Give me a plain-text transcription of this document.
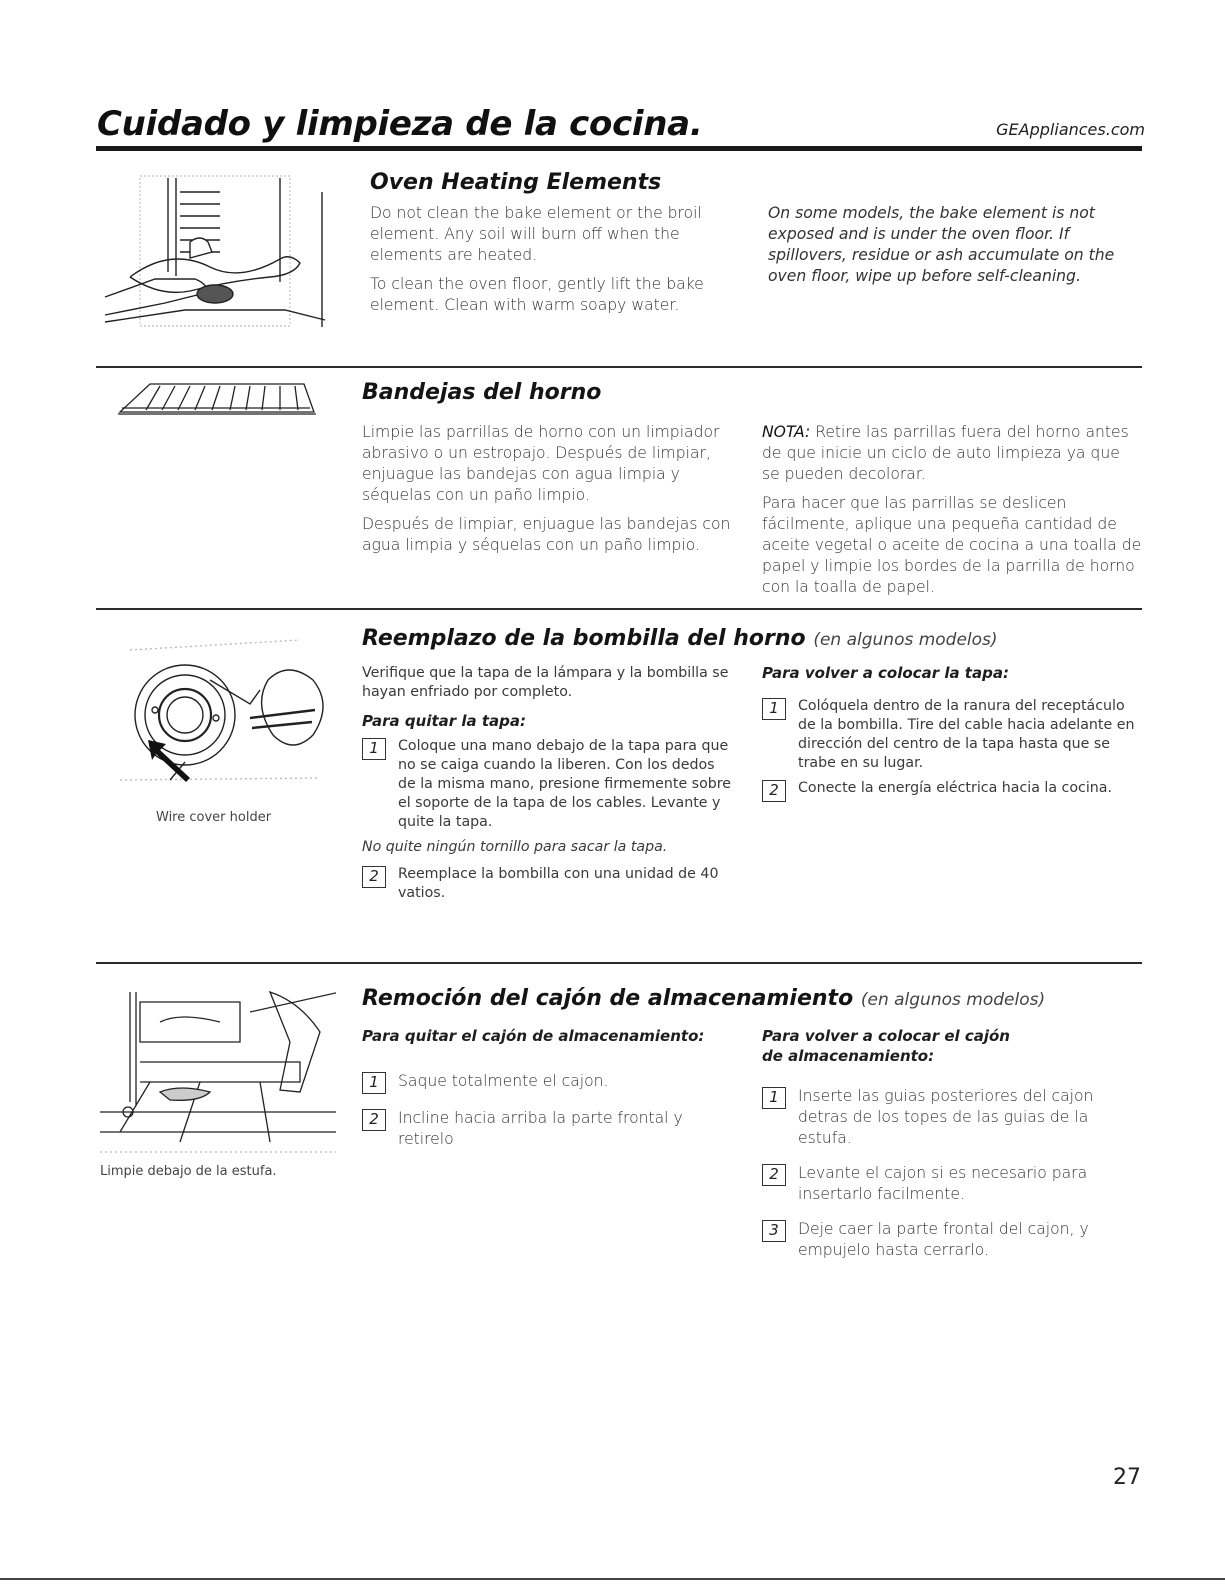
Cuidado y limpieza de la cocina.	GEAppliances.com
Oven Heating Elements

Do not clean the bake element or the broil element. Any soil will burn off when the elements are heated.

To clean the oven floor, gently lift the bake element. Clean with warm soapy water.

On some models, the bake element is not exposed and is under the oven floor. If spillovers, residue or ash accumulate on the oven floor, wipe up before self-cleaning.

Bandejas del horno

Limpie las parrillas de horno con un limpiador abrasivo o un estropajo. Después de limpiar, enjuague las bandejas con agua limpia y séquelas con un paño limpio.

Después de limpiar, enjuague las bandejas con agua limpia y séquelas con un paño limpio.

NOTA: Retire las parrillas fuera del horno antes de que inicie un ciclo de auto limpieza ya que se pueden decolorar.

Para hacer que las parrillas se deslicen fácilmente, aplique una pequeña cantidad de aceite vegetal o aceite de cocina a una toalla de papel y limpie los bordes de la parrilla de horno con la toalla de papel.

Wire cover holder
Reemplazo de la bombilla del horno (en algunos modelos)

Verifique que la tapa de la lámpara y la bombilla se hayan enfriado por completo.

Para quitar la tapa:
1	Coloque una mano debajo de la tapa para que no se caiga cuando la liberen. Con los dedos de la misma mano, presione firmemente sobre el soporte de la tapa de los cables. Levante y quite la tapa.

No quite ningún tornillo para sacar la tapa.

2	Reemplace la bombilla con una unidad de 40 vatios.
Para volver a colocar la tapa:
1	Colóquela dentro de la ranura del receptáculo de la bombilla. Tire del cable hacia adelante en dirección del centro de la tapa hasta que se trabe en su lugar.
2	Conecte la energía eléctrica hacia la cocina.
Limpie debajo de la estufa.
Remoción del cajón de almacenamiento (en algunos modelos)
Para quitar el cajón de almacenamiento:
1	Saque totalmente el cajon.
2	Incline hacia arriba la parte frontal y retirelo
Para volver a colocar el cajón de almacenamiento:
1	Inserte las guias posteriores del cajon detras de los topes de las guias de la estufa.
2	Levante el cajon si es necesario para insertarlo facilmente.
3	Deje caer la parte frontal del cajon, y empujelo hasta cerrarlo.
27
